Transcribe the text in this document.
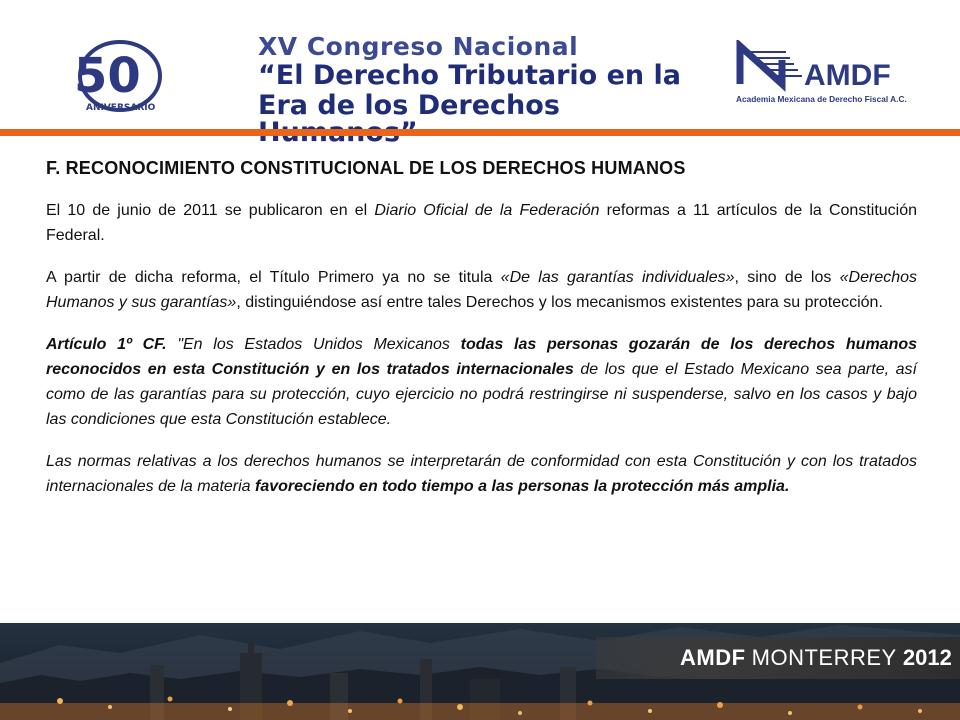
50
ANIVERSARIO
XV Congreso Nacional
“El Derecho Tributario en la
Era de los Derechos
AMDF
Academia Mexicana de Derecho Fiscal A.C.
F. RECONOCIMIENTO CONSTITUCIONAL DE LOS DERECHOS HUMANOS

El 10 de junio de 2011 se publicaron en el Diario Oficial de la Federación reformas a 11 artículos de la Constitución Federal.

A partir de dicha reforma, el Título Primero ya no se titula «De las garantías individuales», sino de los «Derechos Humanos y sus garantías», distinguiéndose así entre tales Derechos y los mecanismos existentes para su protección.

Artículo 1º CF. "En los Estados Unidos Mexicanos todas las personas gozarán de los derechos humanos reconocidos en esta Constitución y en los tratados internacionales de los que el Estado Mexicano sea parte, así como de las garantías para su protección, cuyo ejercicio no podrá restringirse ni suspenderse, salvo en los casos y bajo las condiciones que esta Constitución establece.

Las normas relativas a los derechos humanos se interpretarán de conformidad con esta Constitución y con los tratados internacionales de la materia favoreciendo en todo tiempo a las personas la protección más amplia.

AMDF MONTERREY 2012
